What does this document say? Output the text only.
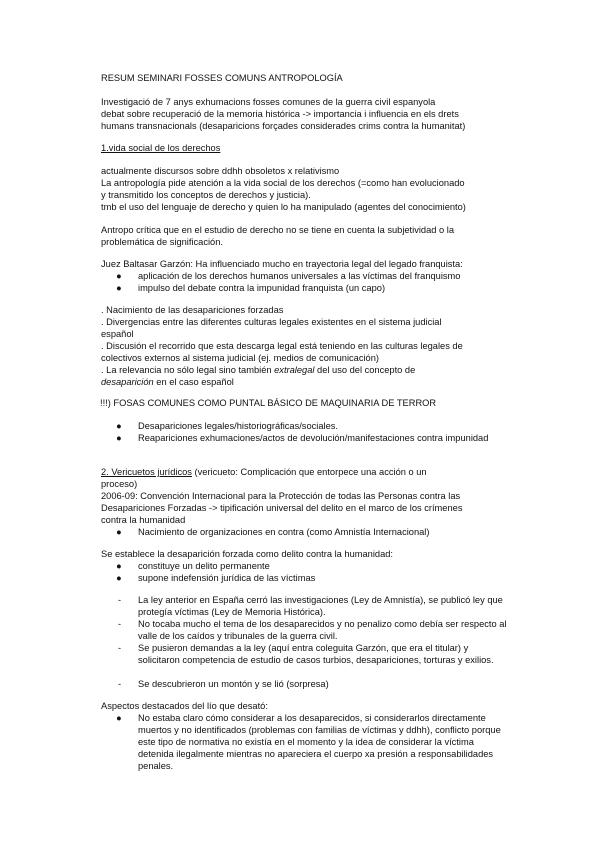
RESUM SEMINARI FOSSES COMUNS ANTROPOLOGÍA

Investigació de 7 anys exhumacions fosses comunes de la guerra civil espanyola

debat sobre recuperació de la memoria histórica -> importancia i influencia en els drets

humans transnacionals (desaparicions forçades considerades crims contra la humanitat)

1.vida social de los derechos

actualmente discursos sobre ddhh obsoletos x relativismo

La antropología pide atención a la vida social de los derechos (=como han evolucionado

y transmitido los conceptos de derechos y justicia).

tmb el uso del lenguaje de derecho y quien lo ha manipulado (agentes del conocimiento)

Antropo crítica que en el estudio de derecho no se tiene en cuenta la subjetividad o la

problemática de significación.

Juez Baltasar Garzón: Ha influenciado mucho en trayectoria legal del legado franquista:
● aplicación de los derechos humanos universales a las víctimas del franquismo
● impulso del debate contra la impunidad franquista (un capo)

. Nacimiento de las desapariciones forzadas

. Divergencias entre las diferentes culturas legales existentes en el sistema judicial

español

. Discusión el recorrido que esta descarga legal está teniendo en las culturas legales de

colectivos externos al sistema judicial (ej. medios de comunicación)

. La relevancia no sólo legal sino también extralegal del uso del concepto de

desaparición en el caso español

!!!) FOSAS COMUNES COMO PUNTAL BÁSICO DE MAQUINARIA DE TERROR
● Desapariciones legales/historiográficas/sociales.
● Reapariciones exhumaciones/actos de devolución/manifestaciones contra impunidad

2. Vericuetos jurídicos (vericueto: Complicación que entorpece una acción o un

proceso)

2006-09: Convención Internacional para la Protección de todas las Personas contra las

Desapariciones Forzadas -> tipificación universal del delito en el marco de los crímenes

contra la humanidad

● Nacimiento de organizaciones en contra (como Amnistía Internacional)
Se establece la desaparición forzada como delito contra la humanidad:
● constituye un delito permanente
● supone indefensión jurídica de las víctimas
- La ley anterior en España cerró las investigaciones (Ley de Amnistía), se publicó ley que protegía víctimas (Ley de Memoria Histórica).
- No tocaba mucho el tema de los desaparecidos y no penalizo como debía ser respecto al valle de los caídos y tribunales de la guerra civil.
- Se pusieron demandas a la ley (aquí entra coleguita Garzón, que era el titular) y solicitaron competencia de estudio de casos turbios, desapariciones, torturas y exilios.
- Se descubrieron un montón y se lió (sorpresa)
Aspectos destacados del lío que desató:
● No estaba claro cómo considerar a los desaparecidos, si considerarlos directamente muertos y no identificados (problemas con familias de víctimas y ddhh), conflicto porque este tipo de normativa no existía en el momento y la idea de considerar la víctima detenida ilegalmente mientras no apareciera el cuerpo xa presión a responsabilidades penales.
